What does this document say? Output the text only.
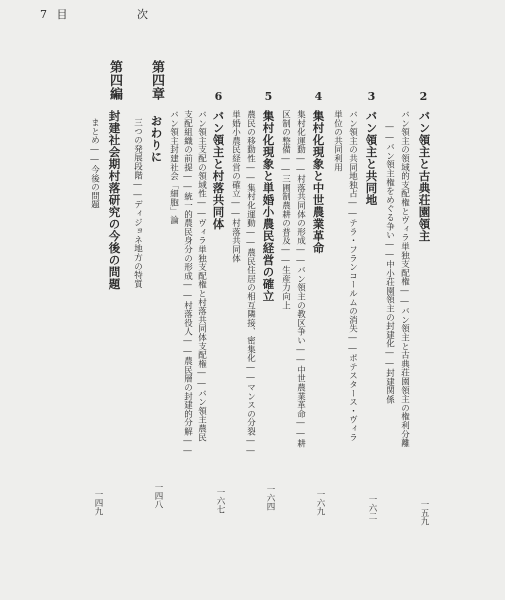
7 目	次
2
バン領主と古典荘園領主
バン領主の領域的支配権とヴィラ単独支配権――バン領主と古典荘園領主の権利分離
――バン領主権をめぐる争い――中小荘園領主の封建化――封建関係
一五九
3
バン領主と共同地
バン領主の共同地独占――テラ・フランコールムの消失――ポテスタース・ヴィラ
単位の共同利用
一六二
4
集村化現象と中世農業革命
集村化運動――村落共同体の形成――バン領主の教区争い――中世農業革命――耕
区制の整備――三圃制農耕の普及――生産力向上
一六九
5
集村化現象と単婚小農民経営の確立
農民の移動性――集村化運動――農民住居の相互隣接、密集化――マンスの分裂――
単婚小農民経営の確立――村落共同体
一六四
6
バン領主と村落共同体
バン領主支配の領域性――ヴィラ単独支配権と村落共同体支配権――バン領主農民
支配組織の前提――統一的農民身分の形成――村落役人――農民層の封建的分解――
バン領主封建社会「細胞」論
一六七
第四章
おわりに
三つの発展段階――ディジョネ地方の特質
一四八
第四編
封建社会期村落研究の今後の問題
まとめ――今後の問題
一四九
